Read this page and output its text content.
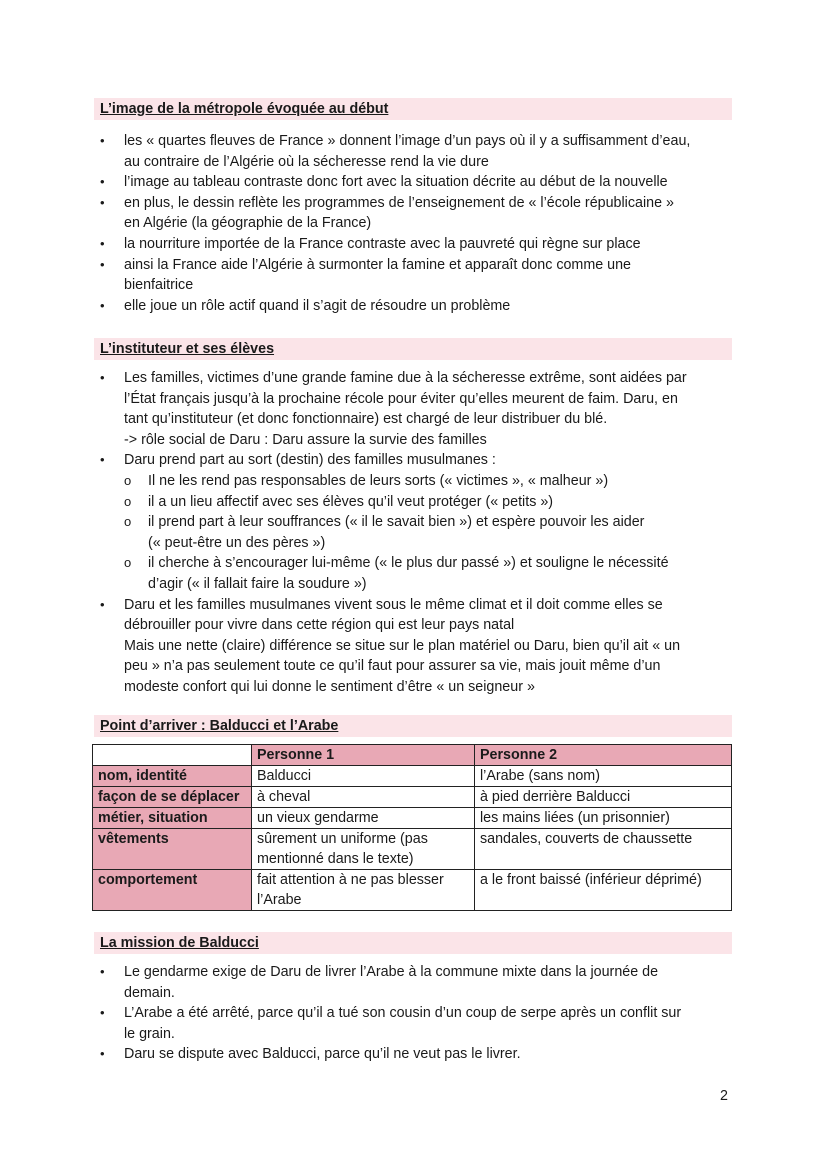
L’image de la métropole évoquée au début
• les « quartes fleuves de France » donnent l’image d’un pays où il y a suffisamment d’eau,
au contraire de l’Algérie où la sécheresse rend la vie dure
• l’image au tableau contraste donc fort avec la situation décrite au début de la nouvelle
• en plus, le dessin reflète les programmes de l’enseignement de « l’école républicaine »
en Algérie (la géographie de la France)
• la nourriture importée de la France contraste avec la pauvreté qui règne sur place
• ainsi la France aide l’Algérie à surmonter la famine et apparaît donc comme une
bienfaitrice
• elle joue un rôle actif quand il s’agit de résoudre un problème
L’instituteur et ses élèves
• Les familles, victimes d’une grande famine due à la sécheresse extrême, sont aidées par
l’État français jusqu’à la prochaine récole pour éviter qu’elles meurent de faim. Daru, en
tant qu’instituteur (et donc fonctionnaire) est chargé de leur distribuer du blé.
-> rôle social de Daru : Daru assure la survie des familles
• Daru prend part au sort (destin) des familles musulmanes :
o Il ne les rend pas responsables de leurs sorts (« victimes », « malheur »)
o il a un lieu affectif avec ses élèves qu’il veut protéger (« petits »)
o il prend part à leur souffrances (« il le savait bien ») et espère pouvoir les aider
(« peut-être un des pères »)
o il cherche à s’encourager lui-même (« le plus dur passé ») et souligne le nécessité
d’agir (« il fallait faire la soudure »)
• Daru et les familles musulmanes vivent sous le même climat et il doit comme elles se
débrouiller pour vivre dans cette région qui est leur pays natal
Mais une nette (claire) différence se situe sur le plan matériel ou Daru, bien qu’il ait « un
peu » n’a pas seulement toute ce qu’il faut pour assurer sa vie, mais jouit même d’un
modeste confort qui lui donne le sentiment d’être « un seigneur »
Point d’arriver : Balducci et l’Arabe
	Personne 1	Personne 2
nom, identité	Balducci	l’Arabe (sans nom)
façon de se déplacer	à cheval	à pied derrière Balducci
métier, situation	un vieux gendarme	les mains liées (un prisonnier)
vêtements	sûrement un uniforme (pas mentionné dans le texte)	sandales, couverts de chaussette
comportement	fait attention à ne pas blesser l’Arabe	a le front baissé (inférieur déprimé)
La mission de Balducci
• Le gendarme exige de Daru de livrer l’Arabe à la commune mixte dans la journée de
demain.
• L’Arabe a été arrêté, parce qu’il a tué son cousin d’un coup de serpe après un conflit sur
le grain.
• Daru se dispute avec Balducci, parce qu’il ne veut pas le livrer.
2
